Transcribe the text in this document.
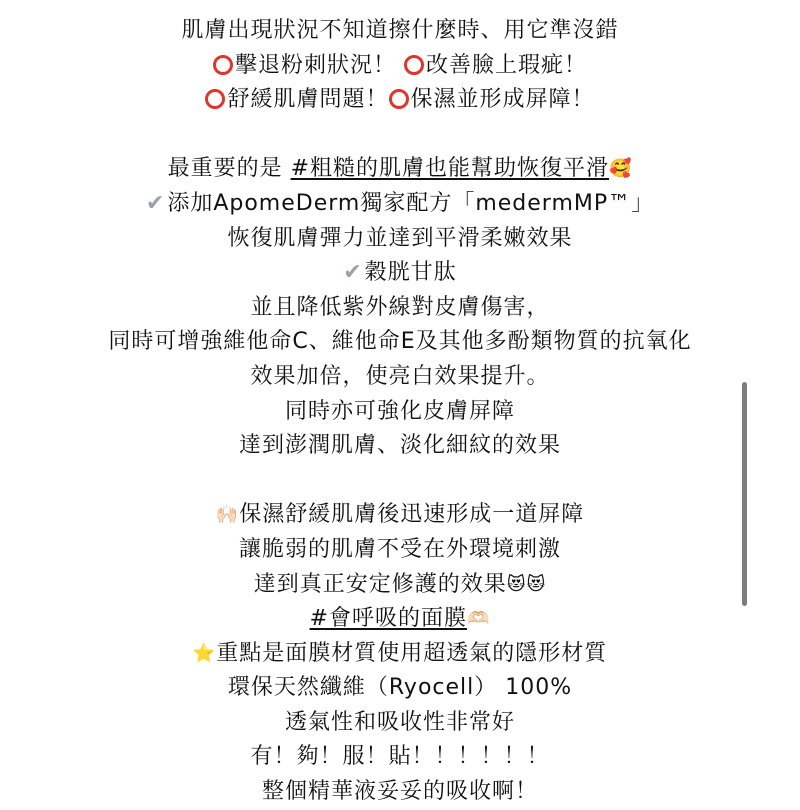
肌膚出現狀況不知道擦什麼時、用它準沒錯
擊退粉刺狀況！ 改善臉上瑕疵！
舒緩肌膚問題！ 保濕並形成屏障！
最重要的是 #粗糙的肌膚也能幫助恢復平滑🥰
✔添加ApomeDerm獨家配方「medermMP™」
恢復肌膚彈力並達到平滑柔嫩效果
✔穀胱甘肽
並且降低紫外線對皮膚傷害，
同時可增強維他命C、維他命E及其他多酚類物質的抗氧化
效果加倍，使亮白效果提升。
同時亦可強化皮膚屏障
達到澎潤肌膚、淡化細紋的效果
🙌🏻保濕舒緩肌膚後迅速形成一道屏障
讓脆弱的肌膚不受在外環境刺激
達到真正安定修護的效果😻😻
#會呼吸的面膜🫶🏻
⭐重點是面膜材質使用超透氣的隱形材質
環保天然纖維（Ryocell） 100%
透氣性和吸收性非常好
有！夠！服！貼！！！！！！
整個精華液妥妥的吸收啊！
